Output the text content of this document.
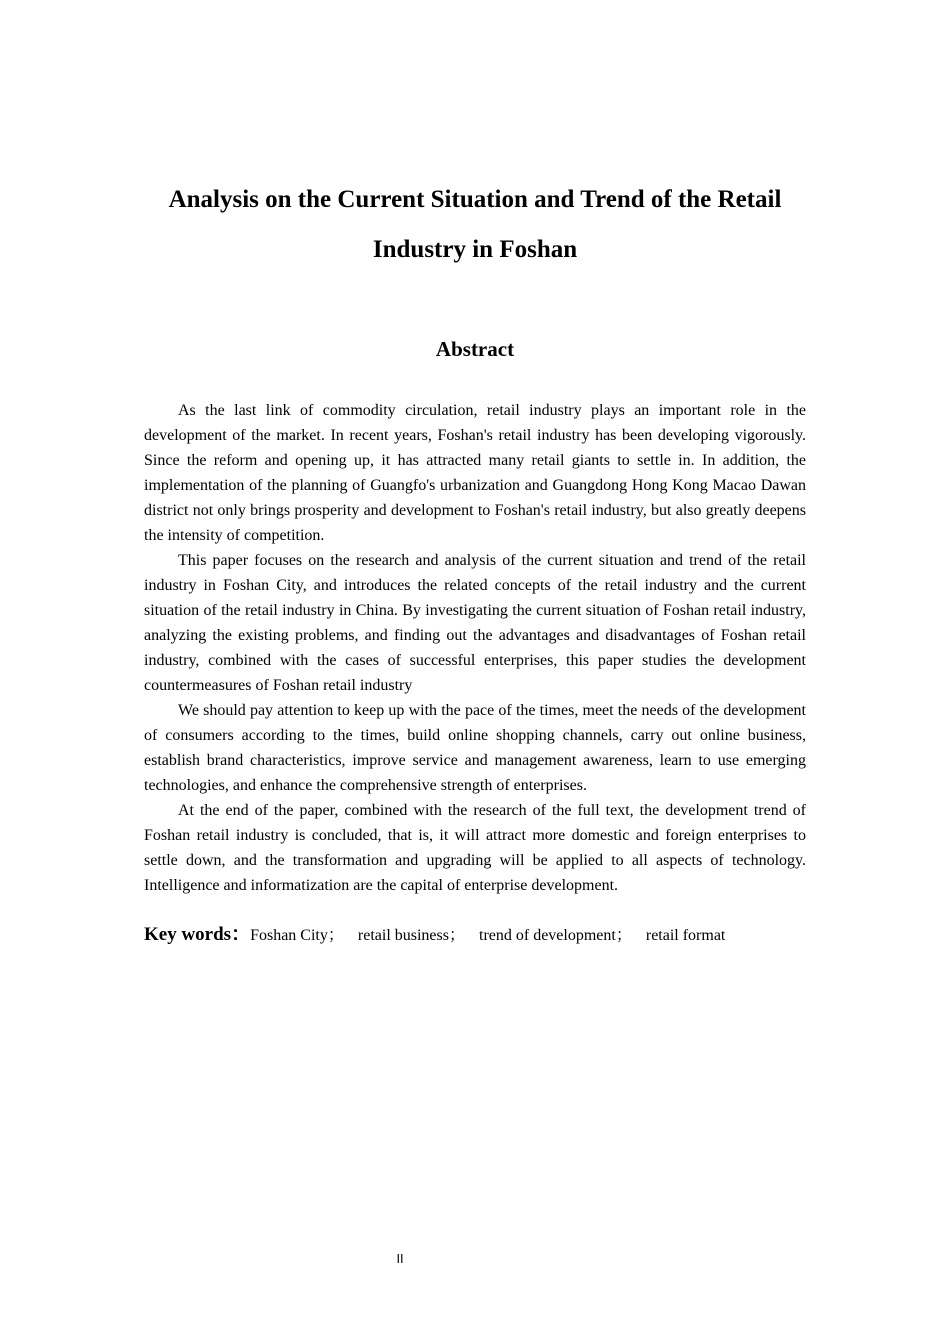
Analysis on the Current Situation and Trend of the Retail Industry in Foshan
Abstract

As the last link of commodity circulation, retail industry plays an important role in the development of the market. In recent years, Foshan's retail industry has been developing vigorously. Since the reform and opening up, it has attracted many retail giants to settle in. In addition, the implementation of the planning of Guangfo's urbanization and Guangdong Hong Kong Macao Dawan district not only brings prosperity and development to Foshan's retail industry, but also greatly deepens the intensity of competition.

This paper focuses on the research and analysis of the current situation and trend of the retail industry in Foshan City, and introduces the related concepts of the retail industry and the current situation of the retail industry in China. By investigating the current situation of Foshan retail industry, analyzing the existing problems, and finding out the advantages and disadvantages of Foshan retail industry, combined with the cases of successful enterprises, this paper studies the development countermeasures of Foshan retail industry

We should pay attention to keep up with the pace of the times, meet the needs of the development of consumers according to the times, build online shopping channels, carry out online business, establish brand characteristics, improve service and management awareness, learn to use emerging technologies, and enhance the comprehensive strength of enterprises.

At the end of the paper, combined with the research of the full text, the development trend of Foshan retail industry is concluded, that is, it will attract more domestic and foreign enterprises to settle down, and the transformation and upgrading will be applied to all aspects of technology. Intelligence and informatization are the capital of enterprise development.

Key words：Foshan City； retail business； trend of development； retail format
II
